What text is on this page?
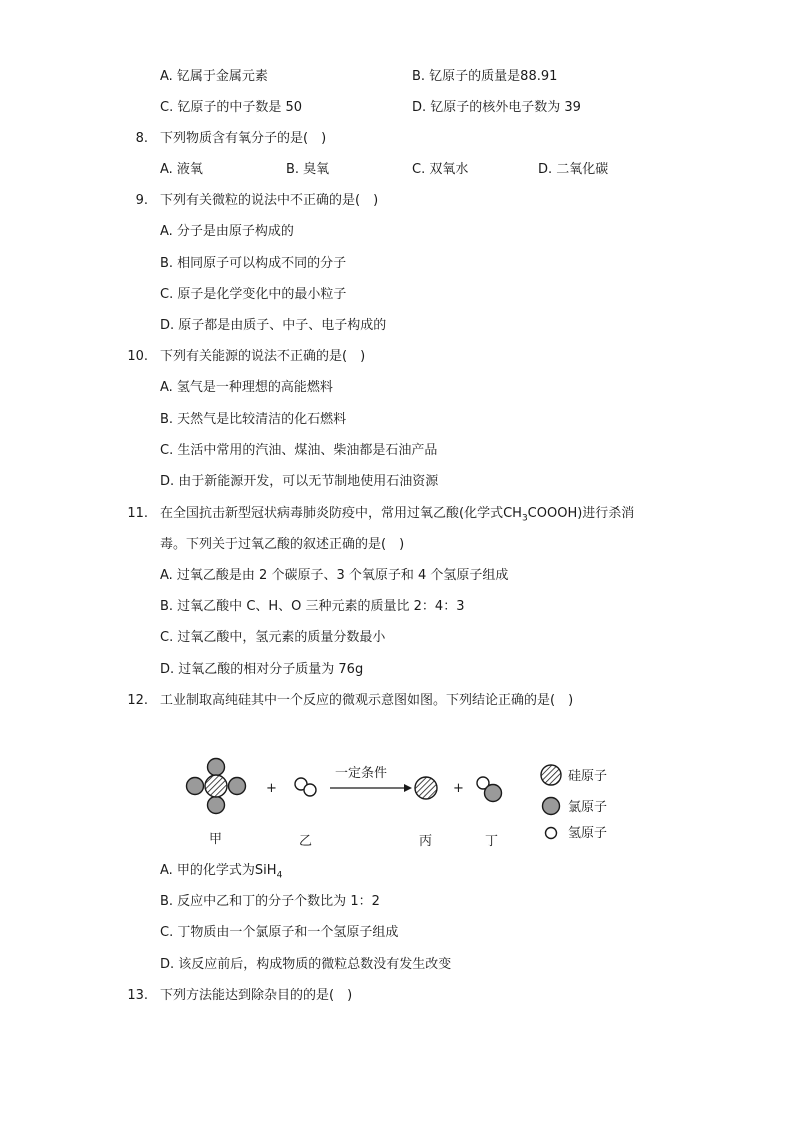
A. 钇属于金属元素	B. 钇原子的质量是88.91
C. 钇原子的中子数是 50	D. 钇原子的核外电子数为 39
8. 下列物质含有氧分子的是(　)
A. 液氧	B. 臭氧	C. 双氧水	D. 二氧化碳
9. 下列有关微粒的说法中不正确的是(　)
A. 分子是由原子构成的
B. 相同原子可以构成不同的分子
C. 原子是化学变化中的最小粒子
D. 原子都是由质子、中子、电子构成的
10. 下列有关能源的说法不正确的是(　)
A. 氢气是一种理想的高能燃料
B. 天然气是比较清洁的化石燃料
C. 生活中常用的汽油、煤油、柴油都是石油产品
D. 由于新能源开发，可以无节制地使用石油资源
11. 在全国抗击新型冠状病毒肺炎防疫中，常用过氧乙酸(化学式$CH_3COOOH$)进行杀消
毒。下列关于过氧乙酸的叙述正确的是(　)
A. 过氧乙酸是由 2 个碳原子、3 个氧原子和 4 个氢原子组成
B. 过氧乙酸中 C、H、O 三种元素的质量比 2：4：3
C. 过氧乙酸中，氢元素的质量分数最小
D. 过氧乙酸的相对分子质量为 76g
12. 工业制取高纯硅其中一个反应的微观示意图如图。下列结论正确的是(　)
+
一定条件
+
甲	乙	丙	丁
硅原子
氯原子
氢原子
A. 甲的化学式为SiH$_4$
B. 反应中乙和丁的分子个数比为 1：2
C. 丁物质由一个氯原子和一个氢原子组成
D. 该反应前后，构成物质的微粒总数没有发生改变
13. 下列方法能达到除杂目的的是(　)
